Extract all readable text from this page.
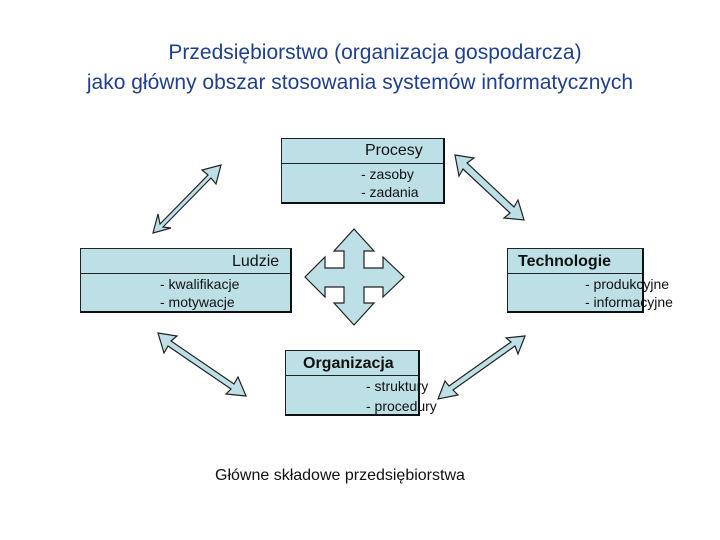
Przedsiębiorstwo (organizacja gospodarcza)
jako główny obszar stosowania systemów informatycznych
Procesy
- zasoby
- zadania
Ludzie
- kwalifikacje
- motywacje
Technologie
- produkcyjne
- informacyjne
Organizacja
- struktury
- procedury
Główne składowe przedsiębiorstwa
